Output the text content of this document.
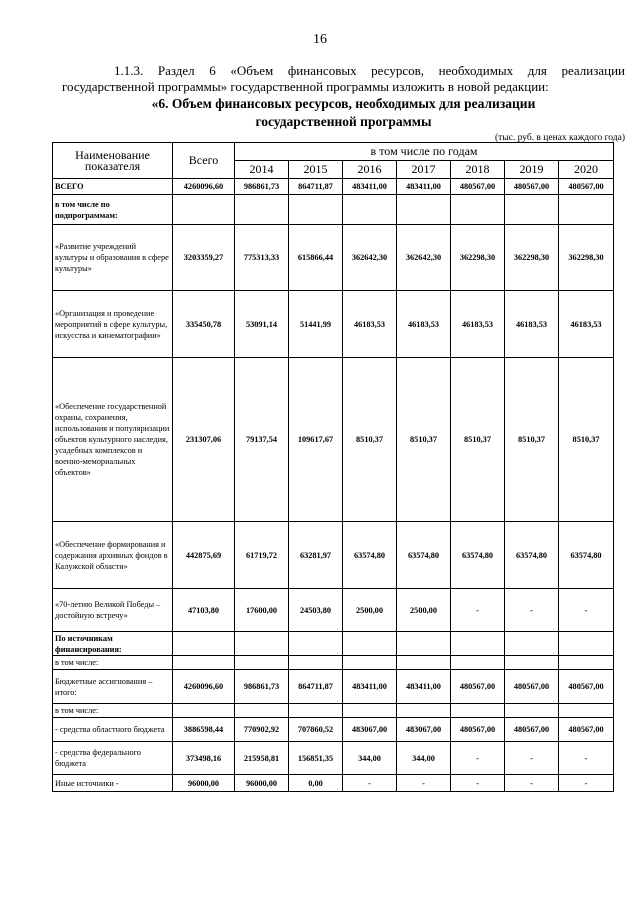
16
1.1.3. Раздел 6 «Объем финансовых ресурсов, необходимых для реализации
государственной программы» государственной программы изложить в новой редакции:
«6. Объем финансовых ресурсов, необходимых для реализации
государственной программы
(тыс. руб. в ценах каждого года)
Наименование показателя	Всего	в том числе по годам						
		2014	2015	2016	2017	2018	2019	2020
ВСЕГО	4260096,60	986861,73	864711,87	483411,00	483411,00	480567,00	480567,00	480567,00
в том числе по подпрограммам:								
«Развитие учреждений культуры и образования в сфере культуры»	3203359,27	775313,33	615866,44	362642,30	362642,30	362298,30	362298,30	362298,30
«Организация и проведение мероприятий в сфере культуры, искусства и кинематографии»	335450,78	53091,14	51441,99	46183,53	46183,53	46183,53	46183,53	46183,53
«Обеспечение государственной охраны, сохранения, использования и популяризации объектов культурного наследия, усадебных комплексов и военно-мемориальных объектов»	231307,06	79137,54	109617,67	8510,37	8510,37	8510,37	8510,37	8510,37
«Обеспечение формирования и содержания архивных фондов в Калужской области»	442875,69	61719,72	63281,97	63574,80	63574,80	63574,80	63574,80	63574,80
«70-летию Великой Победы – достойную встречу»	47103,80	17600,00	24503,80	2500,00	2500,00	-	-	-
По источникам финансирования:								
в том числе:								
Бюджетные ассигнования – итого:	4260096,60	986861,73	864711,87	483411,00	483411,00	480567,00	480567,00	480567,00
в том числе:								
- средства областного бюджета	3886598,44	770902,92	707860,52	483067,00	483067,00	480567,00	480567,00	480567,00
- средства федерального бюджета	373498,16	215958,81	156851,35	344,00	344,00	-	-	-
Иные источники -	96000,00	96000,00	0,00	-	-	-	-	-
